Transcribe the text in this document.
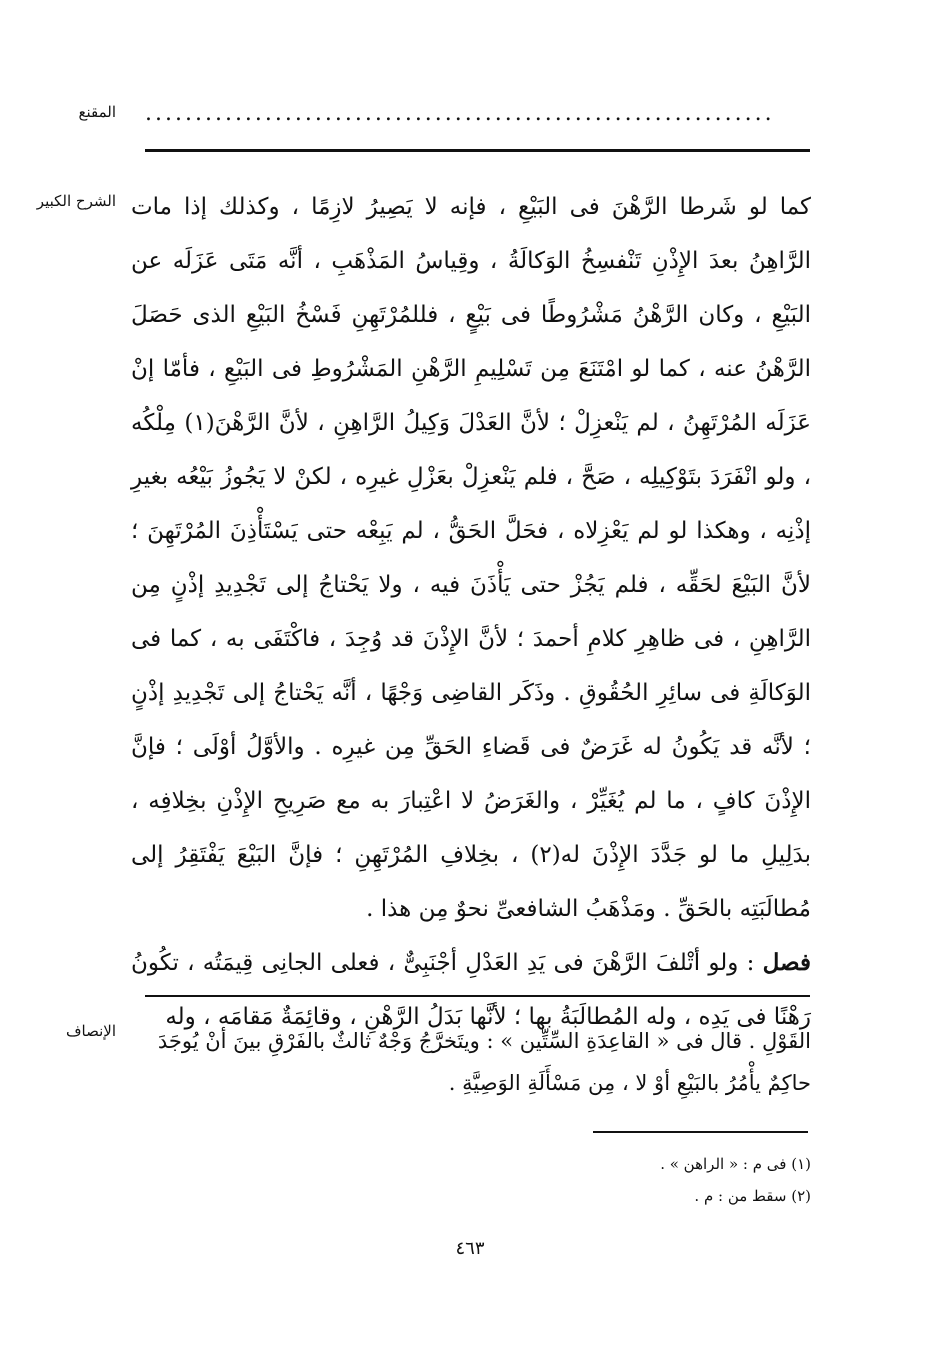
...............................................................
المقنع
الشرح الكبير
الإنصاف

كما لو شَرطا الرَّهْنَ فى البَيْعِ ، فإنه لا يَصِيرُ لازِمًا ، وكذلك إذا مات الرَّاهِنُ بعدَ الإِذْنِ تَنْفسِخُ الوَكالَةُ ، وقِياسُ المَذْهَبِ ، أنَّه مَتَى عَزَلَه عن البَيْعِ ، وكان الرَّهْنُ مَشْرُوطًا فى بَيْعٍ ، فللمُرْتَهِنِ فَسْخُ البَيْعِ الذى حَصَلَ الرَّهْنُ عنه ، كما لو امْتَنَعَ مِن تَسْلِيمِ الرَّهْنِ المَشْرُوطِ فى البَيْعِ ، فأمّا إنْ عَزَلَه المُرْتَهِنُ ، لم يَنْعزِلْ ؛ لأنَّ العَدْلَ وَكِيلُ الرَّاهِنِ ، لأنَّ الرَّهْنَ(١) مِلْكُه ، ولو انْفَرَدَ بتَوْكِيلِه ، صَحَّ ، فلم يَنْعزِلْ بعَزْلِ غيرِه ، لكنْ لا يَجُوزُ بَيْعُه بغيرِ إذْنِه ، وهكذا لو لم يَعْزِلاه ، فحَلَّ الحَقُّ ، لم يَبِعْه حتى يَسْتَأْذِنَ المُرْتَهِنَ ؛ لأنَّ البَيْعَ لحَقِّه ، فلم يَجُزْ حتى يَأْذَنَ فيه ، ولا يَحْتاجُ إلى تَجْدِيدِ إذْنٍ مِن الرَّاهِنِ ، فى ظاهِرِ كلامِ أحمدَ ؛ لأنَّ الإِذْنَ قد وُجِدَ ، فاكْتَفَى به ، كما فى الوَكالَةِ فى سائِرِ الحُقُوقِ . وذَكَر القاضِى وَجْهًا ، أنَّه يَحْتاجُ إلى تَجْدِيدِ إذْنٍ ؛ لأنَّه قد يَكُونُ له غَرَضٌ فى قَضاءِ الحَقِّ مِن غيرِه . والأوَّلُ أوْلَى ؛ فإنَّ الإِذْنَ كافٍ ، ما لم يُغَيِّرْ ، والغَرَضُ لا اعْتِبارَ به مع صَرِيحِ الإِذْنِ بخِلافِه ، بدَلِيلِ ما لو جَدَّدَ الإِذْنَ له(٢) ، بخِلافِ المُرْتَهِنِ ؛ فإنَّ البَيْعَ يَفْتَقِرُ إلى مُطالَبَتِه بالحَقِّ . ومَذْهَبُ الشافعىِّ نحوٌ مِن هذا .

فصل : ولو أتْلفَ الرَّهْنَ فى يَدِ العَدْلِ أجْنَبِىٌّ ، فعلى الجانِى قِيمَتُه ، تكُونُ رَهْنًا فى يَدِه ، وله المُطالَبَةُ بها ؛ لأنَّها بَدَلُ الرَّهْنِ ، وقائِمَةٌ مَقامَه ، وله

القَوْلِ . قال فى « القاعِدَةِ السِّتِّين » : ويتَخرَّجُ وَجْهٌ ثالثٌ بالفَرْقِ بينَ أنْ يُوجَدَ حاكِمٌ يأْمُرُ بالبَيْعِ أوْ لا ، مِن مَسْأَلَةِ الوَصِيَّةِ .

(١) فى م : « الراهن » .
(٢) سقط من : م .
٤٦٣
